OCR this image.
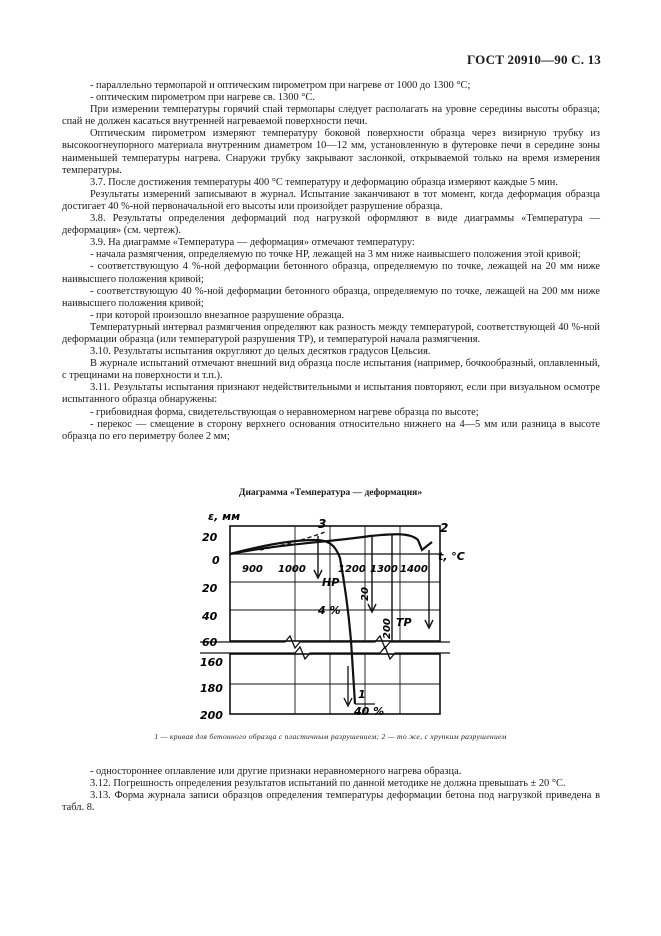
ГОСТ 20910—90 С. 13

- параллельно термопарой и оптическим пирометром при нагреве от 1000 до 1300 °C;

- оптическим пирометром при нагреве св. 1300 °C.

При измерении температуры горячий спай термопары следует располагать на уровне середины высоты образца; спай не должен касаться внутренней нагреваемой поверхности печи.

Оптическим пирометром измеряют температуру боковой поверхности образца через визирную трубку из высокоогнеупорного материала внутренним диаметром 10—12 мм, установленную в футеровке печи в середине зоны наименьшей температуры нагрева. Снаружи трубку закрывают заслонкой, открываемой только на время измерения температуры.

3.7. После достижения температуры 400 °C температуру и деформацию образца измеряют каждые 5 мин.

Результаты измерений записывают в журнал. Испытание заканчивают в тот момент, когда деформация образца достигает 40 %-ной первоначальной его высоты или произойдет разрушение образца.

3.8. Результаты определения деформаций под нагрузкой оформляют в виде диаграммы «Температура — деформация» (см. чертеж).

3.9. На диаграмме «Температура — деформация» отмечают температуру:

- начала размягчения, определяемую по точке НР, лежащей на 3 мм ниже наивысшего положения этой кривой;

- соответствующую 4 %-ной деформации бетонного образца, определяемую по точке, лежащей на 20 мм ниже наивысшего положения кривой;

- соответствующую 40 %-ной деформации бетонного образца, определяемую по точке, лежащей на 200 мм ниже наивысшего положения кривой;

- при которой произошло внезапное разрушение образца.

Температурный интервал размягчения определяют как разность между температурой, соответствующей 40 %-ной деформации образца (или температурой разрушения ТР), и температурой начала размягчения.

3.10. Результаты испытания округляют до целых десятков градусов Цельсия.

В журнале испытаний отмечают внешний вид образца после испытания (например, бочкообразный, оплавленный, с трещинами на поверхности и т.п.).

3.11. Результаты испытания признают недействительными и испытания повторяют, если при визуальном осмотре испытанного образца обнаружены:

- грибовидная форма, свидетельствующая о неравномерном нагреве образца по высоте;

- перекос — смещение в сторону верхнего основания относительно нижнего на 4—5 мм или разница в высоте образца по его периметру более 2 мм;

Диаграмма «Температура — деформация»
ε, мм
20
0
20
40
60
160
180
200
900 1000	1200 1300 1400
t, °C
НР
4 %
20
200 ТР
40 %
1
2
3
1 — кривая для бетонного образца с пластичным разрушением; 2 — то же, с хрупким разрушением

- одностороннее оплавление или другие признаки неравномерного нагрева образца.

3.12. Погрешность определения результатов испытаний по данной методике не должна превышать ± 20 °C.

3.13. Форма журнала записи образцов определения температуры деформации бетона под нагрузкой приведена в табл. 8.
